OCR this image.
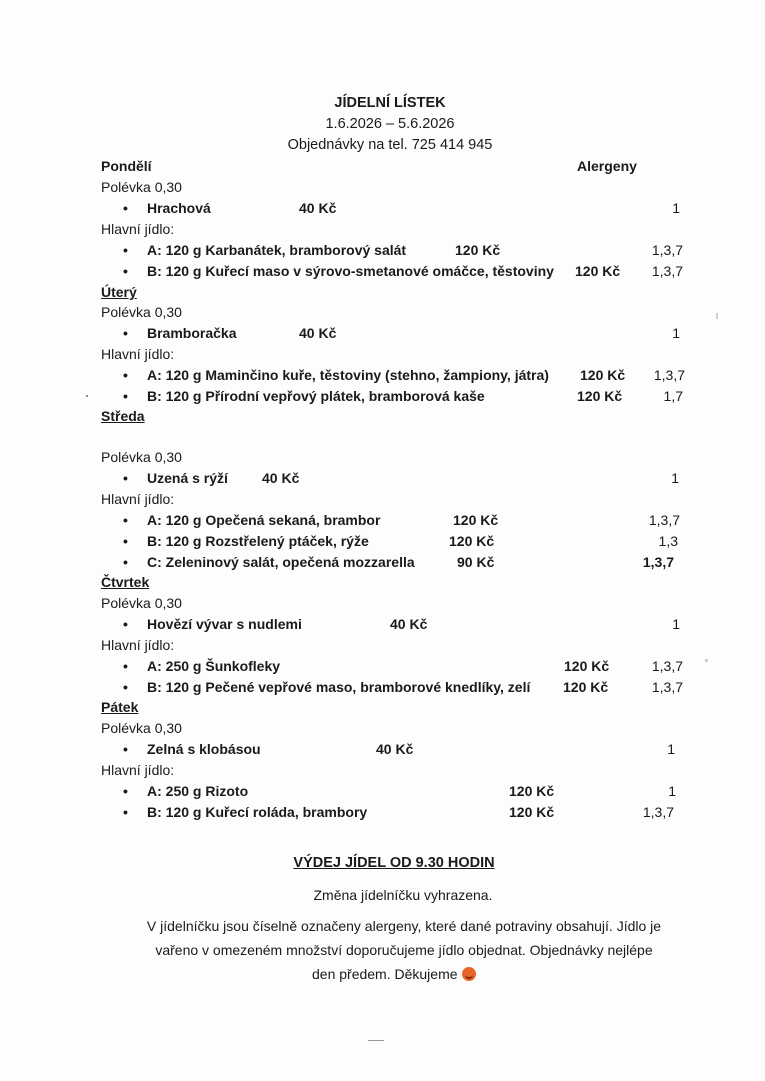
JÍDELNÍ LÍSTEK
1.6.2026 – 5.6.2026
Objednávky na tel. 725 414 945
Pondělí	Alergeny
Polévka 0,30
• Hrachová	40 Kč	1
Hlavní jídlo:
• A: 120 g Karbanátek, bramborový salát	120 Kč	1,3,7
• B: 120 g Kuřecí maso v sýrovo-smetanové omáčce, těstoviny 120 Kč	1,3,7
Úterý
Polévka 0,30
• Bramboračka	40 Kč	1
Hlavní jídlo:
• A: 120 g Maminčino kuře, těstoviny (stehno, žampiony, játra) 120 Kč	1,3,7
• B: 120 g Přírodní vepřový plátek, bramborová kaše	120 Kč	1,7
Středa
Polévka 0,30
• Uzená s rýží 40 Kč	1
Hlavní jídlo:
• A: 120 g Opečená sekaná, brambor	120 Kč	1,3,7
• B: 120 g Rozstřelený ptáček, rýže	120 Kč	1,3
• C: Zeleninový salát, opečená mozzarella	90 Kč	1,3,7
Čtvrtek
Polévka 0,30
• Hovězí vývar s nudlemi	40 Kč	1
Hlavní jídlo:
• A: 250 g Šunkofleky	120 Kč	1,3,7
• B: 120 g Pečené vepřové maso, bramborové knedlíky, zelí 120 Kč	1,3,7
Pátek
Polévka 0,30
• Zelná s klobásou	40 Kč	1
Hlavní jídlo:
• A: 250 g Rizoto	120 Kč	1
• B: 120 g Kuřecí roláda, brambory	120 Kč	1,3,7
VÝDEJ JÍDEL OD 9.30 HODIN
Změna jídelníčku vyhrazena.
V jídelníčku jsou číselně označeny alergeny, které dané potraviny obsahují. Jídlo je
vařeno v omezeném množství doporučujeme jídlo objednat. Objednávky nejlépe
den předem. Děkujeme
